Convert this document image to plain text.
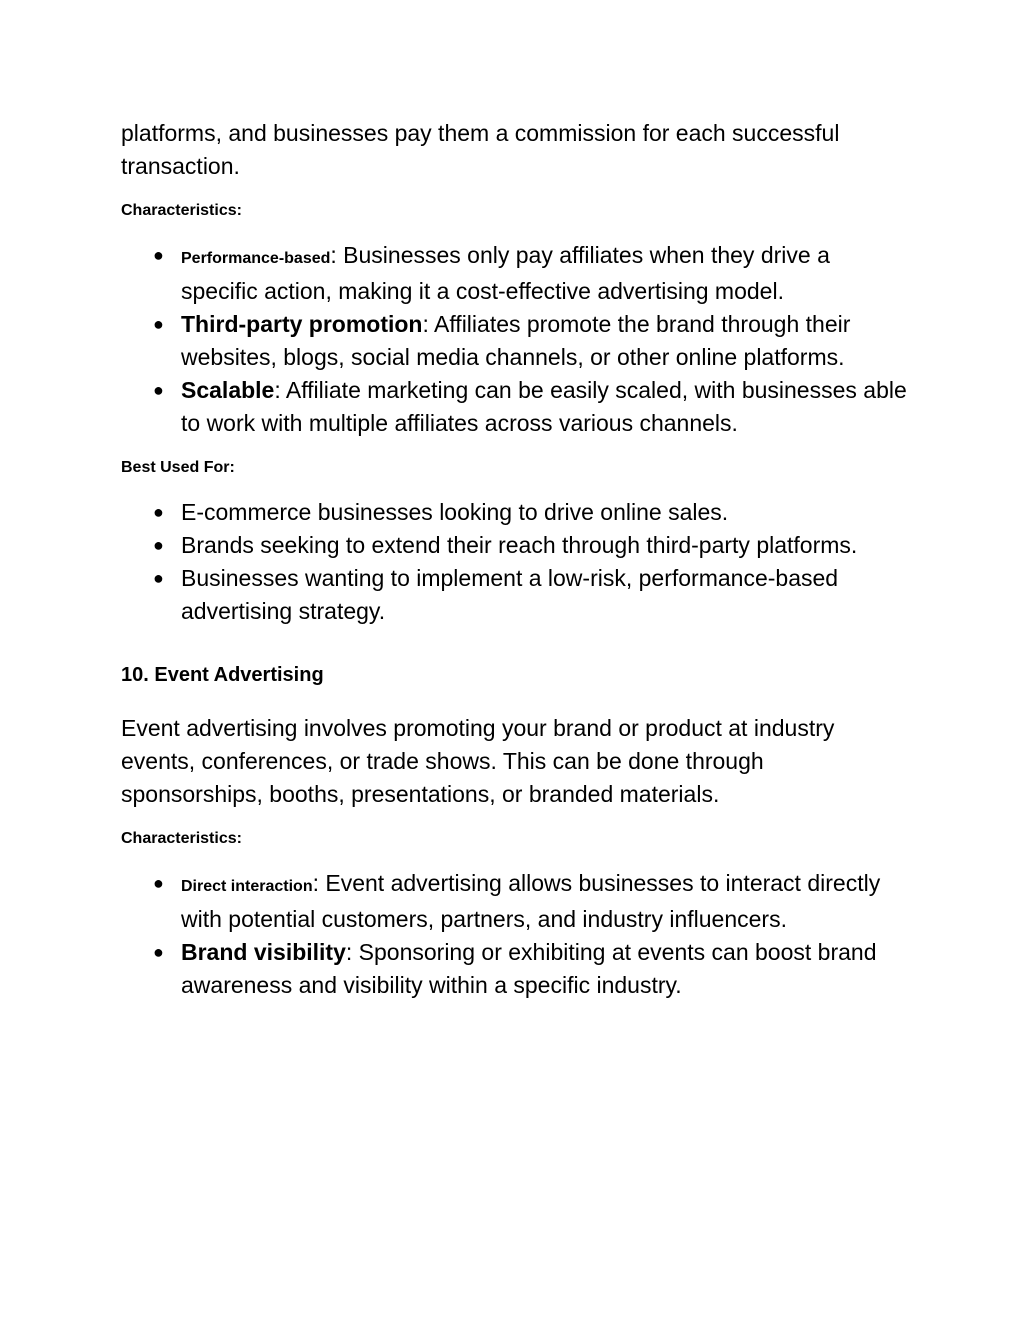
platforms, and businesses pay them a commission for each successful transaction.

Characteristics:

● Performance-based: Businesses only pay affiliates when they drive a specific action, making it a cost-effective advertising model.
● Third-party promotion: Affiliates promote the brand through their websites, blogs, social media channels, or other online platforms.
● Scalable: Affiliate marketing can be easily scaled, with businesses able to work with multiple affiliates across various channels.

Best Used For:

● E-commerce businesses looking to drive online sales.
● Brands seeking to extend their reach through third-party platforms.
● Businesses wanting to implement a low-risk, performance-based advertising strategy.

10. Event Advertising

Event advertising involves promoting your brand or product at industry events, conferences, or trade shows. This can be done through sponsorships, booths, presentations, or branded materials.

Characteristics:

● Direct interaction: Event advertising allows businesses to interact directly with potential customers, partners, and industry influencers.
● Brand visibility: Sponsoring or exhibiting at events can boost brand awareness and visibility within a specific industry.
